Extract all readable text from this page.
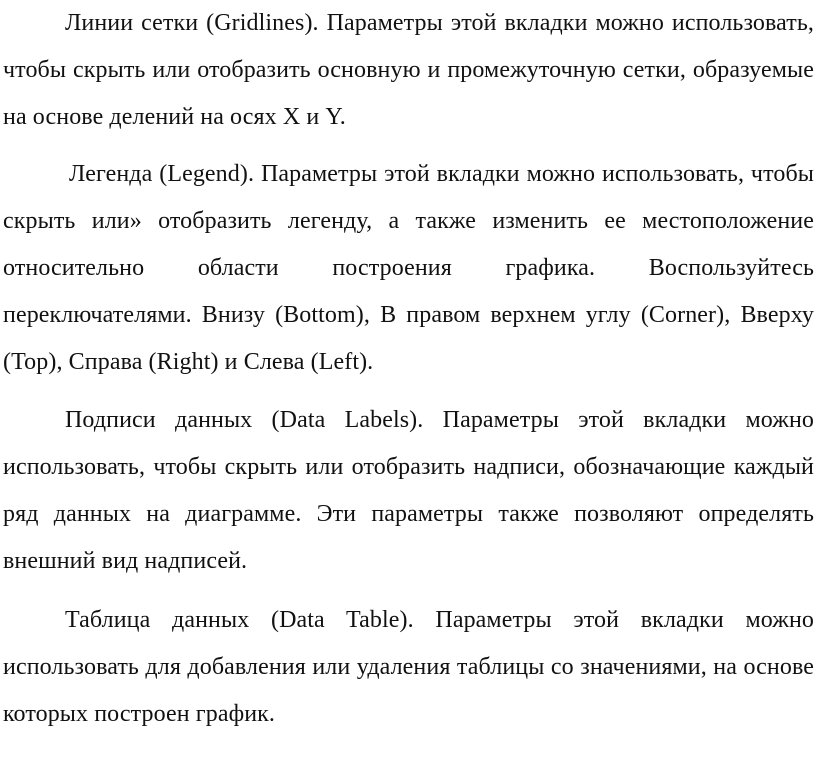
Линии сетки (Gridlines). Параметры этой вкладки можно использовать, чтобы скрыть или отобразить основную и промежуточную сетки, образуемые на основе делений на осях X и Y.

Легенда (Legend). Параметры этой вкладки можно использовать, чтобы скрыть или» отобразить легенду, а также изменить ее местоположение относительно области построения графика. Воспользуйтесь переключателями. Внизу (Bottom), В правом верхнем углу (Corner), Вверху (Top), Справа (Right) и Слева (Left).

Подписи данных (Data Labels). Параметры этой вкладки можно использовать, чтобы скрыть или отобразить надписи, обозначающие каждый ряд данных на диаграмме. Эти параметры также позволяют определять внешний вид надписей.

Таблица данных (Data Table). Параметры этой вкладки можно использовать для добавления или удаления таблицы со значениями, на основе которых построен график.
